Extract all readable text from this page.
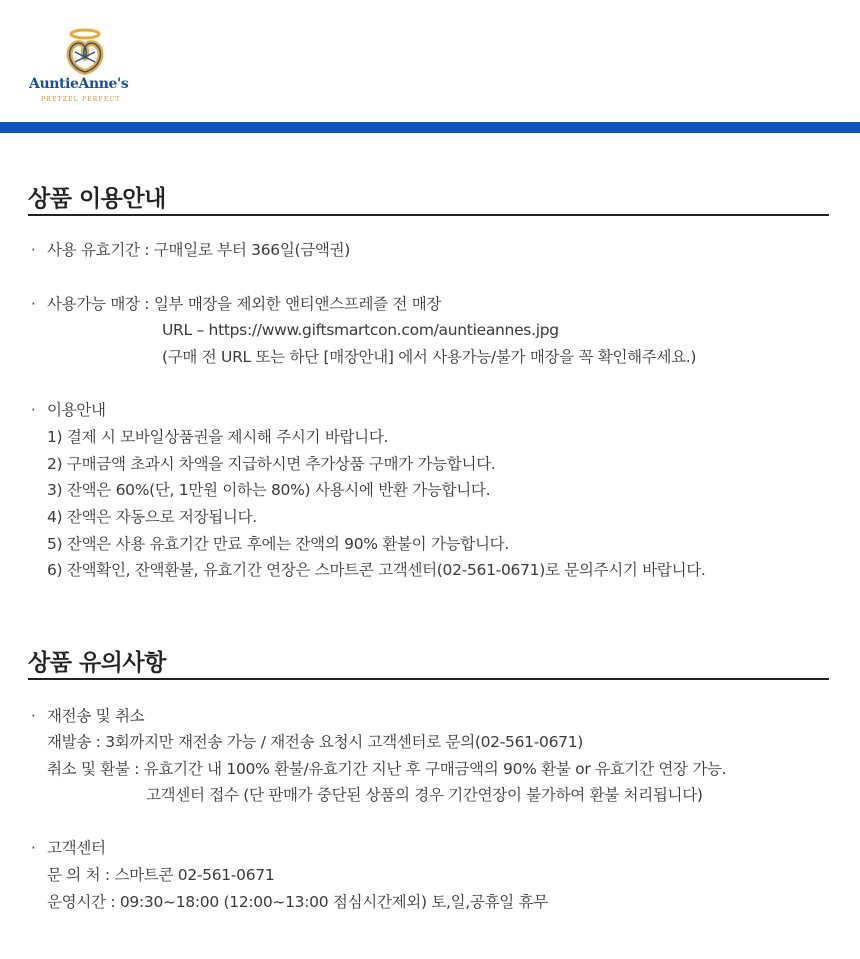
AuntieAnne's
PRETZEL PERFECT
상품 이용안내
· 사용 유효기간 : 구매일로 부터 366일(금액권)
· 사용가능 매장 : 일부 매장을 제외한 앤티앤스프레즐 전 매장
URL – https://www.giftsmartcon.com/auntieannes.jpg
(구매 전 URL 또는 하단 [매장안내] 에서 사용가능/불가 매장을 꼭 확인해주세요.)
· 이용안내
1) 결제 시 모바일상품권을 제시해 주시기 바랍니다.
2) 구매금액 초과시 차액을 지급하시면 추가상품 구매가 가능합니다.
3) 잔액은 60%(단, 1만원 이하는 80%) 사용시에 반환 가능합니다.
4) 잔액은 자동으로 저장됩니다.
5) 잔액은 사용 유효기간 만료 후에는 잔액의 90% 환불이 가능합니다.
6) 잔액확인, 잔액환불, 유효기간 연장은 스마트콘 고객센터(02-561-0671)로 문의주시기 바랍니다.
상품 유의사항
· 재전송 및 취소
재발송 : 3회까지만 재전송 가능 / 재전송 요청시 고객센터로 문의(02-561-0671)
취소 및 환불 : 유효기간 내 100% 환불/유효기간 지난 후 구매금액의 90% 환불 or 유효기간 연장 가능.
고객센터 접수 (단 판매가 중단된 상품의 경우 기간연장이 불가하여 환불 처리됩니다)
· 고객센터
문 의 처 : 스마트콘 02-561-0671
운영시간 : 09:30~18:00 (12:00~13:00 점심시간제외) 토,일,공휴일 휴무
